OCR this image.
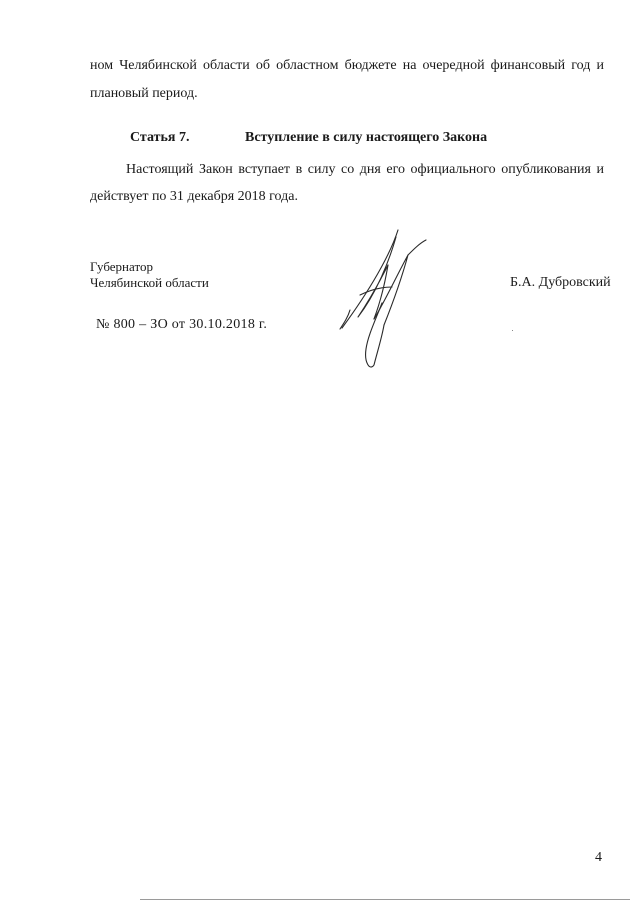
ном Челябинской области об областном бюджете на очередной финансовый год и
плановый период.
Статья 7.	Вступление в силу настоящего Закона
Настоящий Закон вступает в силу со дня его официального опубликования и
действует по 31 декабря 2018 года.
Губернатор
Челябинской области	Б.А. Дубровский
№ 800 – ЗО от 30.10.2018 г.
4
